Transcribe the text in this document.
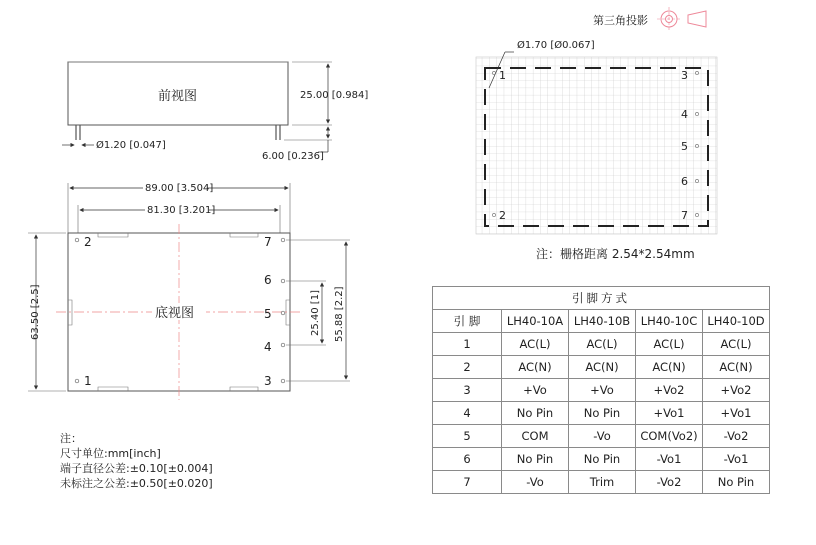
第三角投影
前视图	25.00 [0.984]
6.00 [0.236]
Ø1.20 [0.047]
89.00 [3.504]
81.30 [3.201]
底视图
2
1
7
6
5
4
3
63.50 [2.5]	55.88 [2.2]
25.40 [1]
Ø1.70 [Ø0.067]
1
2
3
4
5
6
7
注：栅格距离 2.54*2.54mm
注：
尺寸单位:mm[inch]
端子直径公差:±0.10[±0.004]
未标注之公差:±0.50[±0.020]
引脚方式				
引 脚	LH40-10A	LH40-10B	LH40-10C	LH40-10D
1	AC(L)	AC(L)	AC(L)	AC(L)
2	AC(N)	AC(N)	AC(N)	AC(N)
3	+Vo	+Vo	+Vo2	+Vo2
4	No Pin	No Pin	+Vo1	+Vo1
5	COM	-Vo	COM(Vo2)	-Vo2
6	No Pin	No Pin	-Vo1	-Vo1
7	-Vo	Trim	-Vo2	No Pin
